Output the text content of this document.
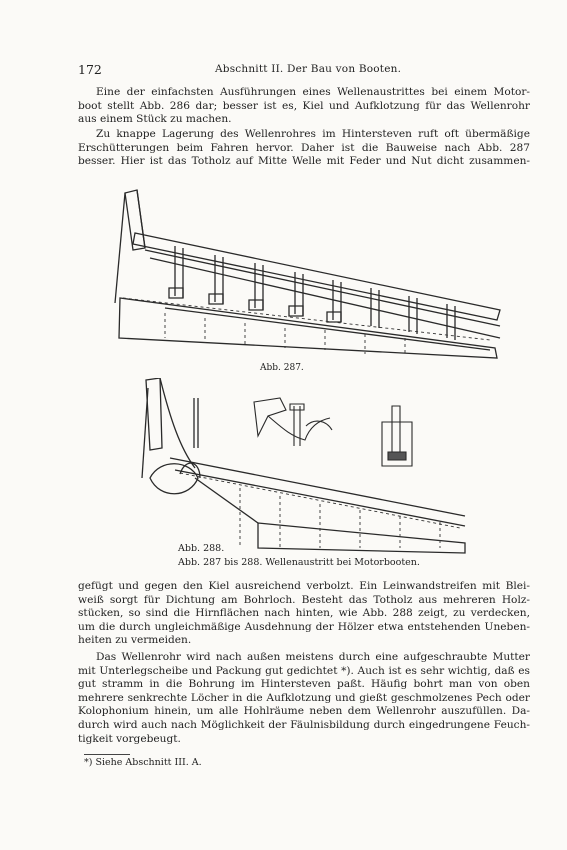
172	Abschnitt II. Der Bau von Booten.
Eine der einfachsten Ausführungen eines Wellenaustrittes bei einem Motor-
boot stellt Abb. 286 dar; besser ist es, Kiel und Aufklotzung für das Wellenrohr
aus einem Stück zu machen.
Zu knappe Lagerung des Wellenrohres im Hintersteven ruft oft übermäßige
Erschütterungen beim Fahren hervor. Daher ist die Bauweise nach Abb. 287
besser. Hier ist das Totholz auf Mitte Welle mit Feder und Nut dicht zusammen-
Abb. 287.
Abb. 288.
Abb. 287 bis 288. Wellenaustritt bei Motorbooten.
gefügt und gegen den Kiel ausreichend verbolzt. Ein Leinwandstreifen mit Blei-
weiß sorgt für Dichtung am Bohrloch. Besteht das Totholz aus mehreren Holz-
stücken, so sind die Hirnflächen nach hinten, wie Abb. 288 zeigt, zu verdecken,
um die durch ungleichmäßige Ausdehnung der Hölzer etwa entstehenden Uneben-
heiten zu vermeiden.
Das Wellenrohr wird nach außen meistens durch eine aufgeschraubte Mutter
mit Unterlegscheibe und Packung gut gedichtet *). Auch ist es sehr wichtig, daß es
gut stramm in die Bohrung im Hintersteven paßt. Häufig bohrt man von oben
mehrere senkrechte Löcher in die Aufklotzung und gießt geschmolzenes Pech oder
Kolophonium hinein, um alle Hohlräume neben dem Wellenrohr auszufüllen. Da-
durch wird auch nach Möglichkeit der Fäulnisbildung durch eingedrungene Feuch-
tigkeit vorgebeugt.
*) Siehe Abschnitt III. A.
